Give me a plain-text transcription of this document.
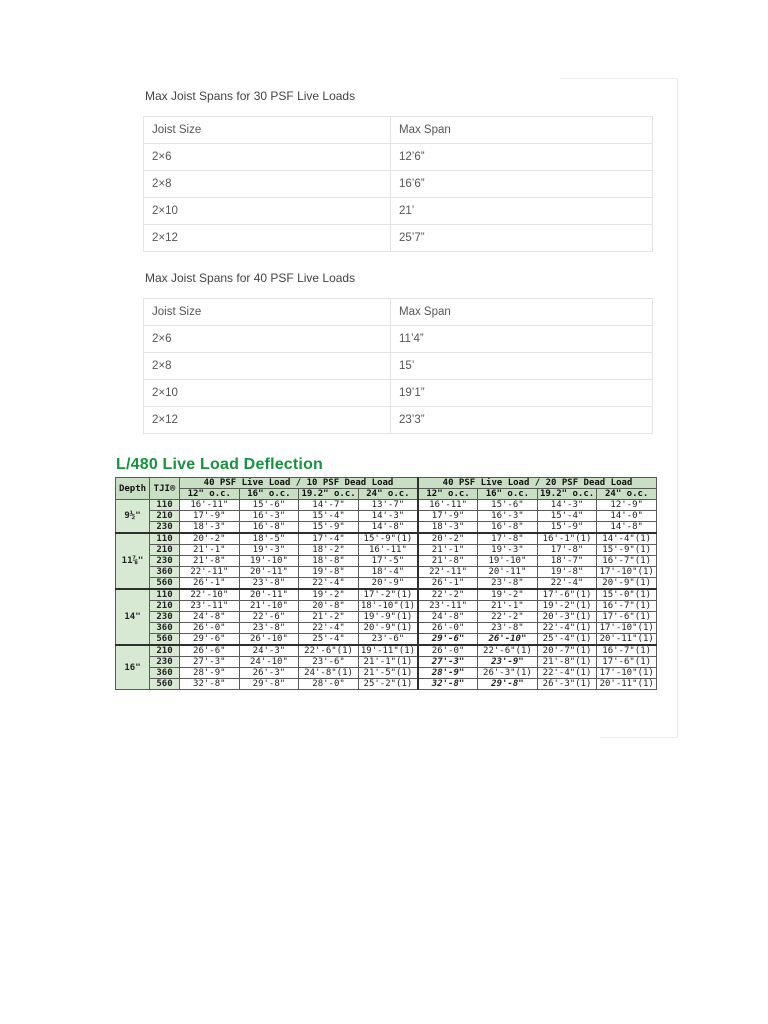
Max Joist Spans for 30 PSF Live Loads
Joist Size	Max Span
2×6	12’6”
2×8	16’6”
2×10	21’
2×12	25’7”
Max Joist Spans for 40 PSF Live Loads
Joist Size	Max Span
2×6	11’4”
2×8	15’
2×10	19’1”
2×12	23’3”
L/480 Live Load Deflection
Depth	TJI®	40 PSF Live Load / 10 PSF Dead Load				40 PSF Live Load / 20 PSF Dead Load			
		12" o.c.	16" o.c.	19.2" o.c.	24" o.c.	12" o.c.	16" o.c.	19.2" o.c.	24" o.c.
9½"	110	16'-11"	15'-6"	14'-7"	13'-7"	16'-11"	15'-6"	14'-3"	12'-9"
	210	17'-9"	16'-3"	15'-4"	14'-3"	17'-9"	16'-3"	15'-4"	14'-0"
	230	18'-3"	16'-8"	15'-9"	14'-8"	18'-3"	16'-8"	15'-9"	14'-8"
11⅞"	110	20'-2"	18'-5"	17'-4"	15'-9"(1)	20'-2"	17'-8"	16'-1"(1)	14'-4"(1)
	210	21'-1"	19'-3"	18'-2"	16'-11"	21'-1"	19'-3"	17'-8"	15'-9"(1)
	230	21'-8"	19'-10"	18'-8"	17'-5"	21'-8"	19'-10"	18'-7"	16'-7"(1)
	360	22'-11"	20'-11"	19'-8"	18'-4"	22'-11"	20'-11"	19'-8"	17'-10"(1)
	560	26'-1"	23'-8"	22'-4"	20'-9"	26'-1"	23'-8"	22'-4"	20'-9"(1)
14"	110	22'-10"	20'-11"	19'-2"	17'-2"(1)	22'-2"	19'-2"	17'-6"(1)	15'-0"(1)
	210	23'-11"	21'-10"	20'-8"	18'-10"(1)	23'-11"	21'-1"	19'-2"(1)	16'-7"(1)
	230	24'-8"	22'-6"	21'-2"	19'-9"(1)	24'-8"	22'-2"	20'-3"(1)	17'-6"(1)
	360	26'-0"	23'-8"	22'-4"	20'-9"(1)	26'-0"	23'-8"	22'-4"(1)	17'-10"(1)
	560	29'-6"	26'-10"	25'-4"	23'-6"	29'-6"	26'-10"	25'-4"(1)	20'-11"(1)
16"	210	26'-6"	24'-3"	22'-6"(1)	19'-11"(1)	26'-0"	22'-6"(1)	20'-7"(1)	16'-7"(1)
	230	27'-3"	24'-10"	23'-6"	21'-1"(1)	27'-3"	23'-9"	21'-8"(1)	17'-6"(1)
	360	28'-9"	26'-3"	24'-8"(1)	21'-5"(1)	28'-9"	26'-3"(1)	22'-4"(1)	17'-10"(1)
	560	32'-8"	29'-8"	28'-0"	25'-2"(1)	32'-8"	29'-8"	26'-3"(1)	20'-11"(1)
